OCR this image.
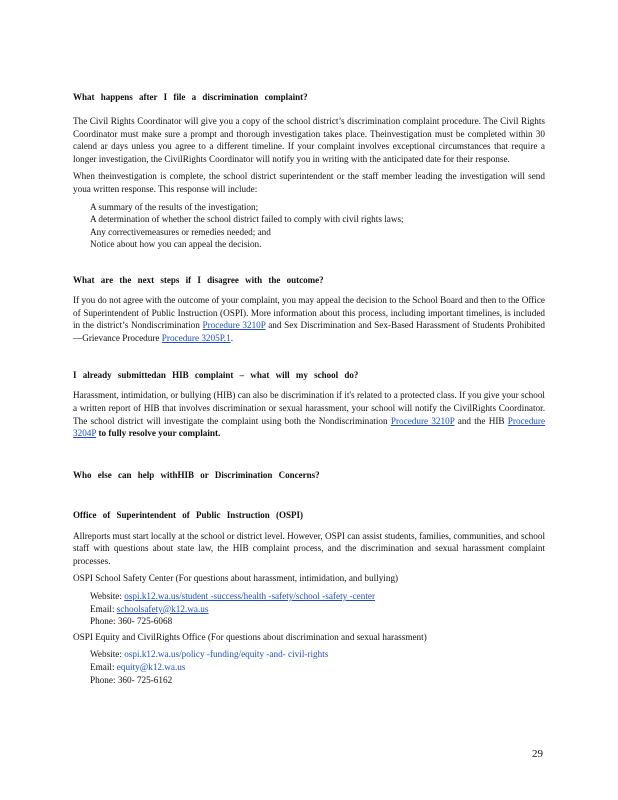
What happens after I file a discrimination complaint?

The Civil Rights Coordinator will give you a copy of the school district’s discrimination complaint procedure. The Civil Rights Coordinator must make sure a prompt and thorough investigation takes place. Theinvestigation must be completed within 30 calend ar days unless you agree to a different timeline. If your complaint involves exceptional circumstances that require a longer investigation, the CivilRights Coordinator will notify you in writing with the anticipated date for their response.

When theinvestigation is complete, the school district superintendent or the staff member leading the investigation will send youa written response. This response will include:

A summary of the results of the investigation;
A determination of whether the school district failed to comply with civil rights laws;
Any correctivemeasures or remedies needed; and
Notice about how you can appeal the decision.
What are the next steps if I disagree with the outcome?

If you do not agree with the outcome of your complaint, you may appeal the decision to the School Board and then to the Office of Superintendent of Public Instruction (OSPI). More information about this process, including important timelines, is included in the district’s Nondiscrimination Procedure 3210P and Sex Discrimination and Sex-Based Harassment of Students Prohibited —Grievance Procedure Procedure 3205P.1.

I already submittedan HIB complaint – what will my school do?

Harassment, intimidation, or bullying (HIB) can also be discrimination if it's related to a protected class. If you give your school a written report of HIB that involves discrimination or sexual harassment, your school will notify the CivilRights Coordinator. The school district will investigate the complaint using both the Nondiscrimination Procedure 3210P and the HIB Procedure 3204P to fully resolve your complaint.

Who else can help withHIB or Discrimination Concerns?
Office of Superintendent of Public Instruction (OSPI)

Allreports must start locally at the school or district level. However, OSPI can assist students, families, communities, and school staff with questions about state law, the HIB complaint process, and the discrimination and sexual harassment complaint processes.

OSPI School Safety Center (For questions about harassment, intimidation, and bullying)

Website: ospi.k12.wa.us/student -success/health -safety/school -safety -center
Email: schoolsafety@k12.wa.us
Phone: 360- 725-6068

OSPI Equity and CivilRights Office (For questions about discrimination and sexual harassment)

Website: ospi.k12.wa.us/policy -funding/equity -and- civil-rights
Email: equity@k12.wa.us
Phone: 360- 725-6162
29
